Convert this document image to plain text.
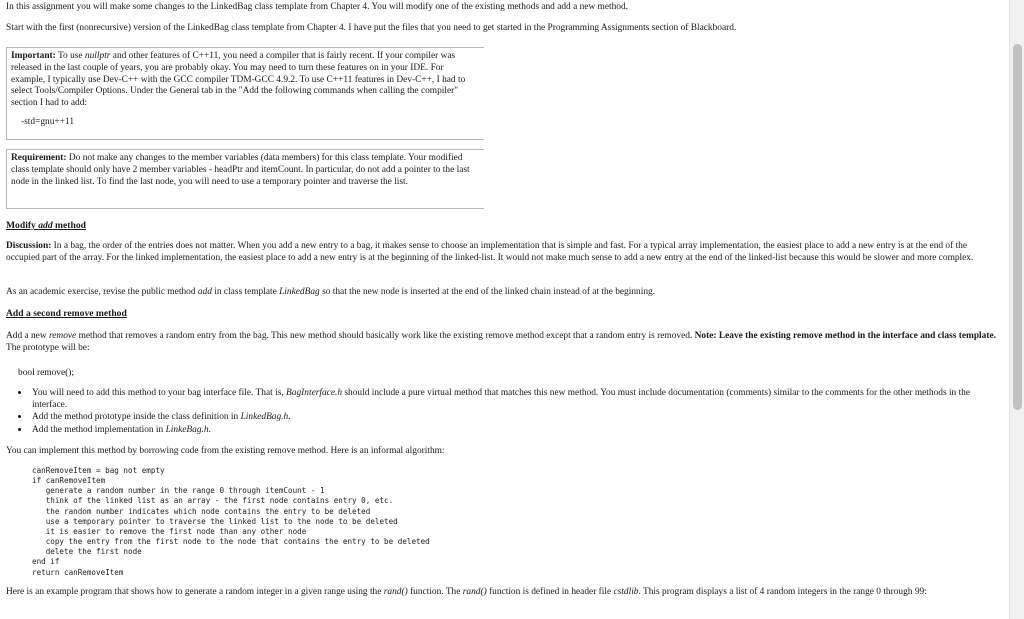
In this assignment you will make some changes to the LinkedBag class template from Chapter 4. You will modify one of the existing methods and add a new method.
Start with the first (nonrecursive) version of the LinkedBag class template from Chapter 4. I have put the files that you need to get started in the Programming Assignments section of Blackboard.

Important: To use nullptr and other features of C++11, you need a compiler that is fairly recent. If your compiler was released in the last couple of years, you are probably okay. You may need to turn these features on in your IDE. For example, I typically use Dev-C++ with the GCC compiler TDM-GCC 4.9.2. To use C++11 features in Dev-C++, I had to select Tools/Compiler Options. Under the General tab in the "Add the following commands when calling the compiler" section I had to add:

-std=gnu++11

Requirement: Do not make any changes to the member variables (data members) for this class template. Your modified class template should only have 2 member variables - headPtr and itemCount. In particular, do not add a pointer to the last node in the linked list. To find the last node, you will need to use a temporary pointer and traverse the list.

Modify add method
Discussion: In a bag, the order of the entries does not matter. When you add a new entry to a bag, it makes sense to choose an implementation that is simple and fast. For a typical array implementation, the easiest place to add a new entry is at the end of the occupied part of the array. For the linked implementation, the easiest place to add a new entry is at the beginning of the linked-list. It would not make much sense to add a new entry at the end of the linked-list because this would be slower and more complex.
As an academic exercise, revise the public method add in class template LinkedBag so that the new node is inserted at the end of the linked chain instead of at the beginning.
Add a second remove method
Add a new remove method that removes a random entry from the bag. This new method should basically work like the existing remove method except that a random entry is removed. Note: Leave the existing remove method in the interface and class template. The prototype will be:
bool remove();
• You will need to add this method to your bag interface file. That is, BagInterface.h should include a pure virtual method that matches this new method. You must include documentation (comments) similar to the comments for the other methods in the interface.
• Add the method prototype inside the class definition in LinkedBag.h.
• Add the method implementation in LinkeBag.h.
You can implement this method by borrowing code from the existing remove method. Here is an informal algorithm:
canRemoveItem = bag not empty
if canRemoveItem
generate a random number in the range 0 through itemCount - 1
think of the linked list as an array - the first node contains entry 0, etc.
the random number indicates which node contains the entry to be deleted
use a temporary pointer to traverse the linked list to the node to be deleted
it is easier to remove the first node than any other node
copy the entry from the first node to the node that contains the entry to be deleted
delete the first node
end if
return canRemoveItem
Here is an example program that shows how to generate a random integer in a given range using the rand() function. The rand() function is defined in header file cstdlib. This program displays a list of 4 random integers in the range 0 through 99:
